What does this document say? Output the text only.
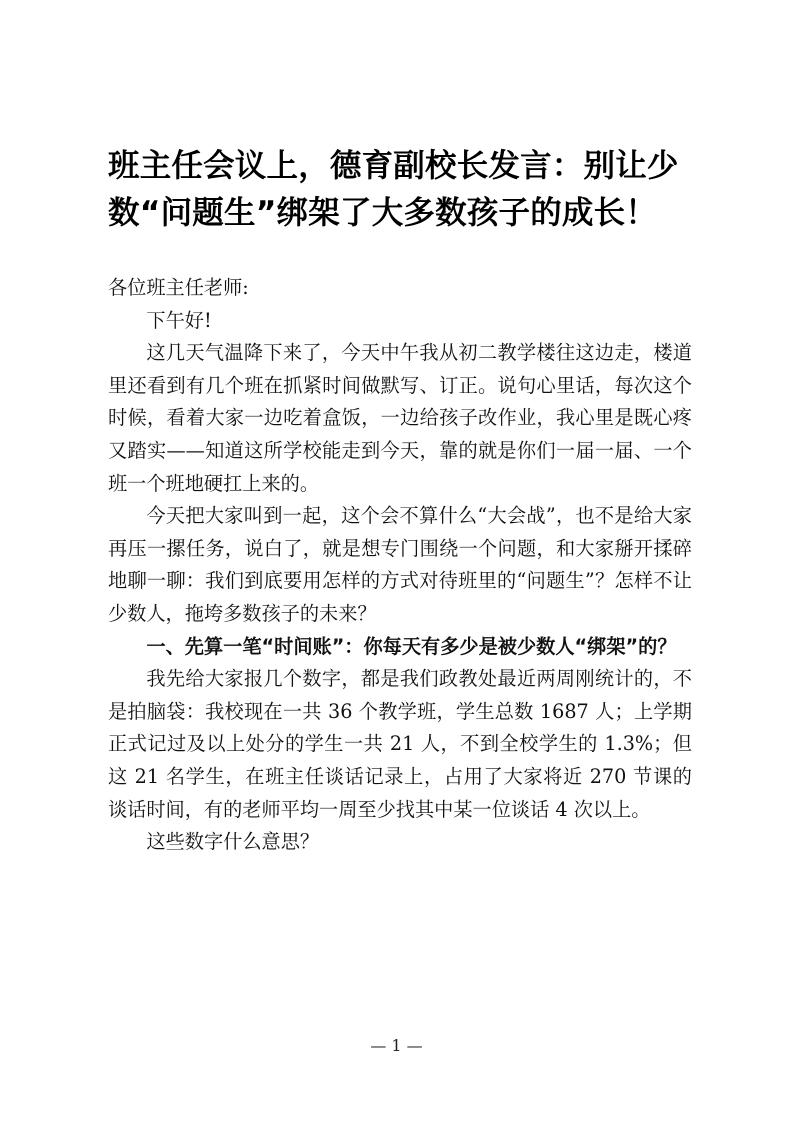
班主任会议上，德育副校长发言：别让少数“问题生”绑架了大多数孩子的成长！

各位班主任老师:

下午好!

这几天气温降下来了，今天中午我从初二教学楼往这边走，楼道里还看到有几个班在抓紧时间做默写、订正。说句心里话，每次这个时候，看着大家一边吃着盒饭，一边给孩子改作业，我心里是既心疼又踏实——知道这所学校能走到今天，靠的就是你们一届一届、一个班一个班地硬扛上来的。

今天把大家叫到一起，这个会不算什么“大会战”，也不是给大家再压一摞任务，说白了，就是想专门围绕一个问题，和大家掰开揉碎地聊一聊：我们到底要用怎样的方式对待班里的“问题生”？怎样不让少数人，拖垮多数孩子的未来？

一、先算一笔“时间账”：你每天有多少是被少数人“绑架”的？

我先给大家报几个数字，都是我们政教处最近两周刚统计的，不是拍脑袋：我校现在一共 36 个教学班，学生总数 1687 人；上学期正式记过及以上处分的学生一共 21 人，不到全校学生的 1.3%；但这 21 名学生，在班主任谈话记录上，占用了大家将近 270 节课的谈话时间，有的老师平均一周至少找其中某一位谈话 4 次以上。

这些数字什么意思？

— 1 —
